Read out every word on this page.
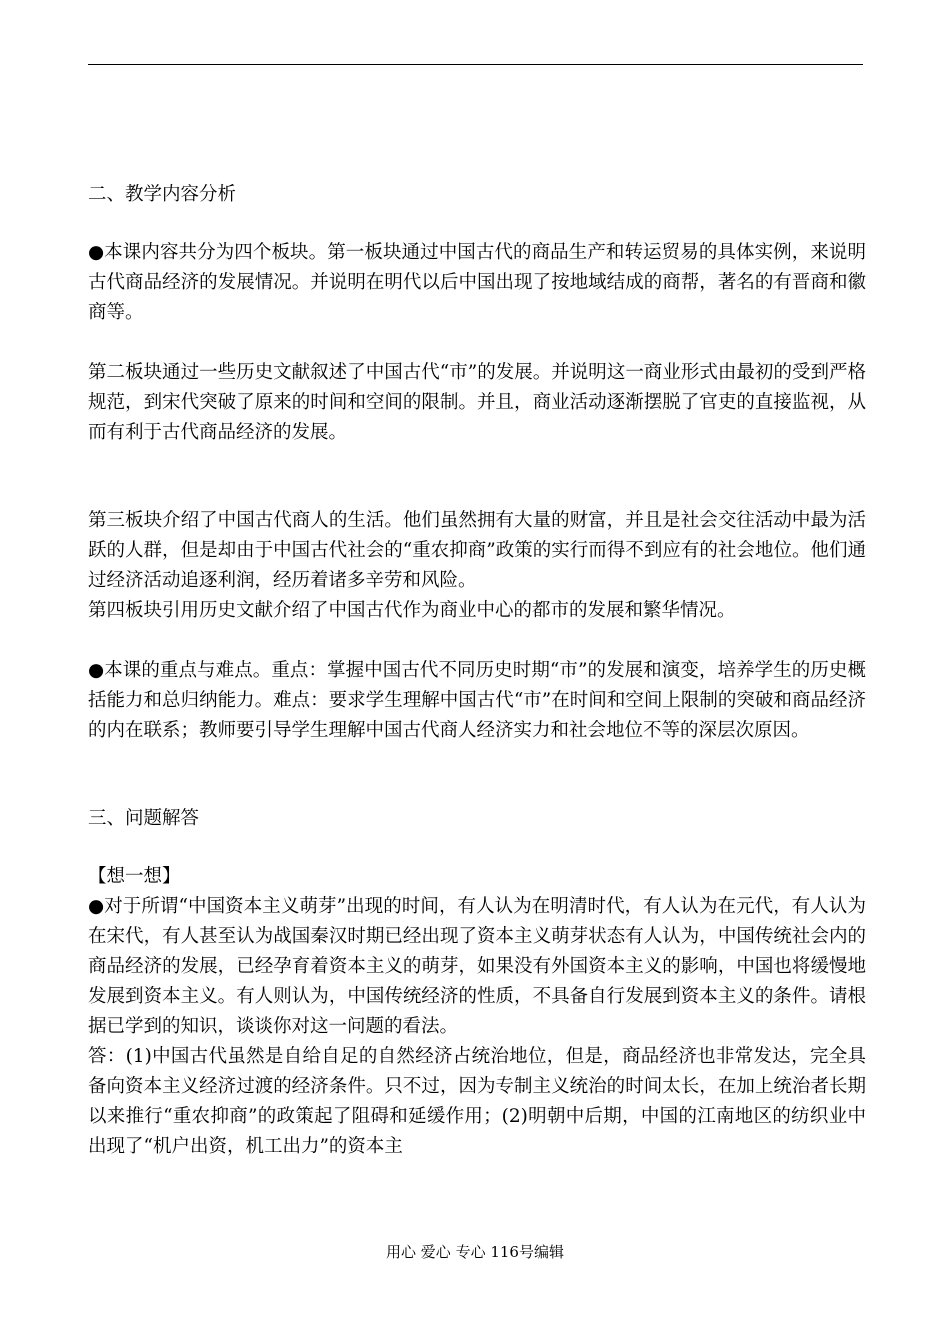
二、教学内容分析

●本课内容共分为四个板块。第一板块通过中国古代的商品生产和转运贸易的具体实例，来说明古代商品经济的发展情况。并说明在明代以后中国出现了按地域结成的商帮，著名的有晋商和徽商等。

第二板块通过一些历史文献叙述了中国古代“市”的发展。并说明这一商业形式由最初的受到严格规范，到宋代突破了原来的时间和空间的限制。并且，商业活动逐渐摆脱了官吏的直接监视，从而有利于古代商品经济的发展。

第三板块介绍了中国古代商人的生活。他们虽然拥有大量的财富，并且是社会交往活动中最为活跃的人群，但是却由于中国古代社会的“重农抑商”政策的实行而得不到应有的社会地位。他们通过经济活动追逐利润，经历着诸多辛劳和风险。

第四板块引用历史文献介绍了中国古代作为商业中心的都市的发展和繁华情况。

●本课的重点与难点。重点：掌握中国古代不同历史时期“市”的发展和演变，培养学生的历史概括能力和总归纳能力。难点：要求学生理解中国古代“市”在时间和空间上限制的突破和商品经济的内在联系；教师要引导学生理解中国古代商人经济实力和社会地位不等的深层次原因。

三、问题解答

【想一想】

●对于所谓“中国资本主义萌芽”出现的时间，有人认为在明清时代，有人认为在元代，有人认为在宋代，有人甚至认为战国秦汉时期已经出现了资本主义萌芽状态有人认为，中国传统社会内的商品经济的发展，已经孕育着资本主义的萌芽，如果没有外国资本主义的影响，中国也将缓慢地发展到资本主义。有人则认为，中国传统经济的性质，不具备自行发展到资本主义的条件。请根据已学到的知识，谈谈你对这一问题的看法。

答：(1)中国古代虽然是自给自足的自然经济占统治地位，但是，商品经济也非常发达，完全具备向资本主义经济过渡的经济条件。只不过，因为专制主义统治的时间太长，在加上统治者长期以来推行“重农抑商”的政策起了阻碍和延缓作用；(2)明朝中后期，中国的江南地区的纺织业中出现了“机户出资，机工出力”的资本主

用心 爱心 专心 116号编辑
